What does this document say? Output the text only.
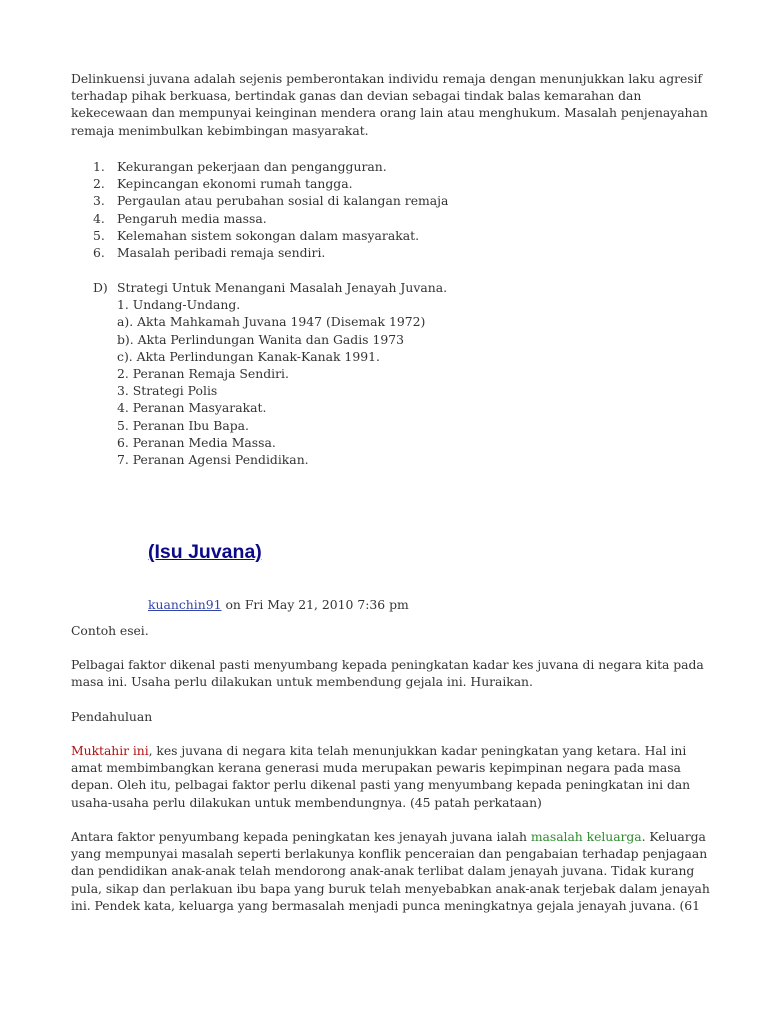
Delinkuensi juvana adalah sejenis pemberontakan individu remaja dengan menunjukkan laku agresif terhadap pihak berkuasa, bertindak ganas dan devian sebagai tindak balas kemarahan dan kekecewaan dan mempunyai keinginan mendera orang lain atau menghukum. Masalah penjenayahan remaja menimbulkan kebimbingan masyarakat.

1. Kekurangan pekerjaan dan pengangguran.
2. Kepincangan ekonomi rumah tangga.
3. Pergaulan atau perubahan sosial di kalangan remaja
4. Pengaruh media massa.
5. Kelemahan sistem sokongan dalam masyarakat.
6. Masalah peribadi remaja sendiri.
D) Strategi Untuk Menangani Masalah Jenayah Juvana.
1. Undang-Undang.
a). Akta Mahkamah Juvana 1947 (Disemak 1972)
b). Akta Perlindungan Wanita dan Gadis 1973
c). Akta Perlindungan Kanak-Kanak 1991.
2. Peranan Remaja Sendiri.
3. Strategi Polis
4. Peranan Masyarakat.
5. Peranan Ibu Bapa.
6. Peranan Media Massa.
7. Peranan Agensi Pendidikan.
(Isu Juvana)
kuanchin91 on Fri May 21, 2010 7:36 pm

Contoh esei.

Pelbagai faktor dikenal pasti menyumbang kepada peningkatan kadar kes juvana di negara kita pada masa ini. Usaha perlu dilakukan untuk membendung gejala ini. Huraikan.

Pendahuluan

Muktahir ini, kes juvana di negara kita telah menunjukkan kadar peningkatan yang ketara. Hal ini amat membimbangkan kerana generasi muda merupakan pewaris kepimpinan negara pada masa depan. Oleh itu, pelbagai faktor perlu dikenal pasti yang menyumbang kepada peningkatan ini dan usaha-usaha perlu dilakukan untuk membendungnya. (45 patah perkataan)

Antara faktor penyumbang kepada peningkatan kes jenayah juvana ialah masalah keluarga. Keluarga yang mempunyai masalah seperti berlakunya konflik penceraian dan pengabaian terhadap penjagaan dan pendidikan anak-anak telah mendorong anak-anak terlibat dalam jenayah juvana. Tidak kurang pula, sikap dan perlakuan ibu bapa yang buruk telah menyebabkan anak-anak terjebak dalam jenayah ini. Pendek kata, keluarga yang bermasalah menjadi punca meningkatnya gejala jenayah juvana. (61
